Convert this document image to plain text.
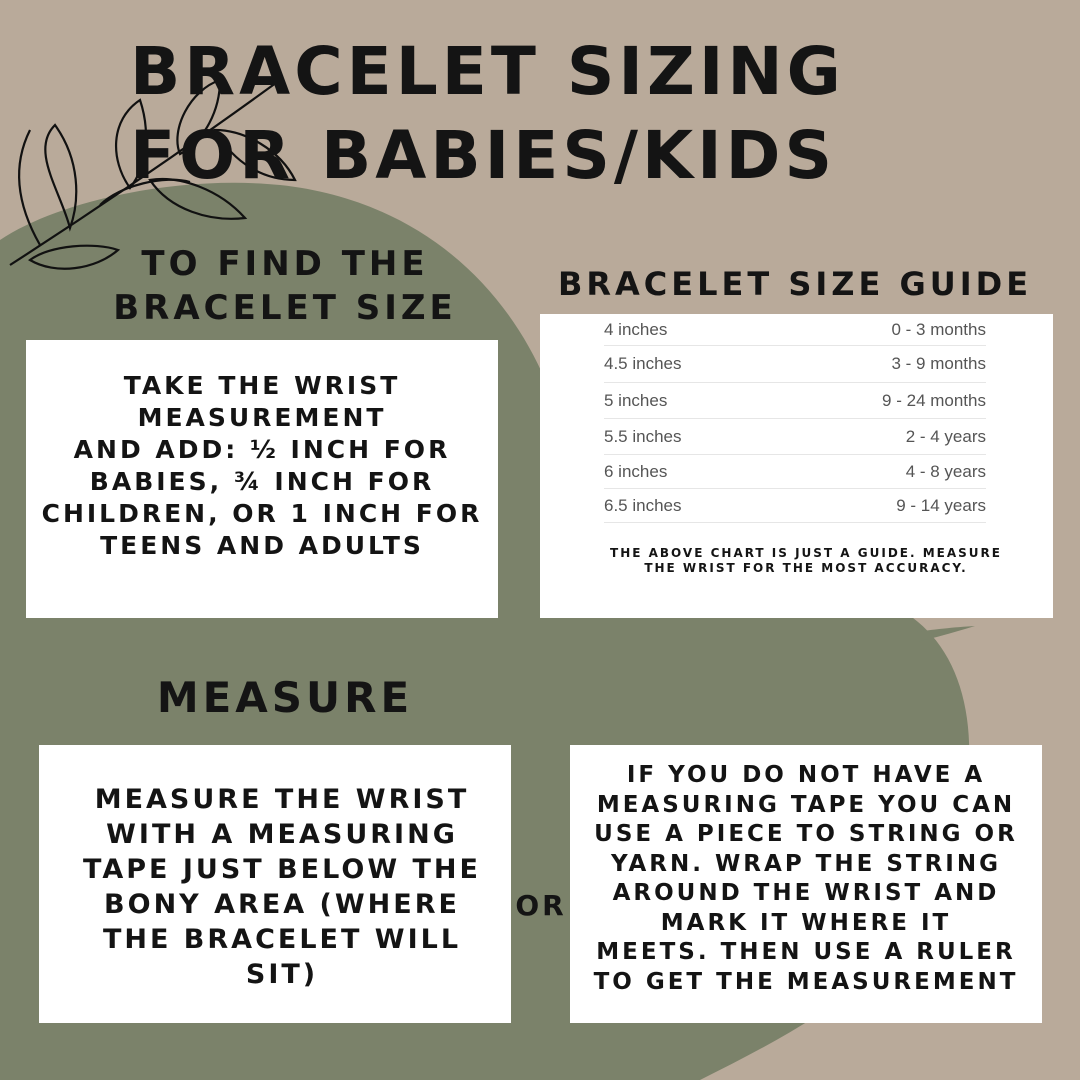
BRACELET SIZING
FOR BABIES/KIDS
TO FIND THE
BRACELET SIZE
TAKE THE WRIST
MEASUREMENT
AND ADD: ½ INCH FOR
BABIES, ¾ INCH FOR
CHILDREN, OR 1 INCH FOR
TEENS AND ADULTS
BRACELET SIZE GUIDE
4 inches	0 - 3 months
4.5 inches	3 - 9 months
5 inches	9 - 24 months
5.5 inches	2 - 4 years
6 inches	4 - 8 years
6.5 inches	9 - 14 years
THE ABOVE CHART IS JUST A GUIDE. MEASURE
THE WRIST FOR THE MOST ACCURACY.
MEASURE
MEASURE THE WRIST
WITH A MEASURING
TAPE JUST BELOW THE
BONY AREA (WHERE
THE BRACELET WILL
SIT)
OR
IF YOU DO NOT HAVE A
MEASURING TAPE YOU CAN
USE A PIECE TO STRING OR
YARN. WRAP THE STRING
AROUND THE WRIST AND
MARK IT WHERE IT
MEETS. THEN USE A RULER
TO GET THE MEASUREMENT
